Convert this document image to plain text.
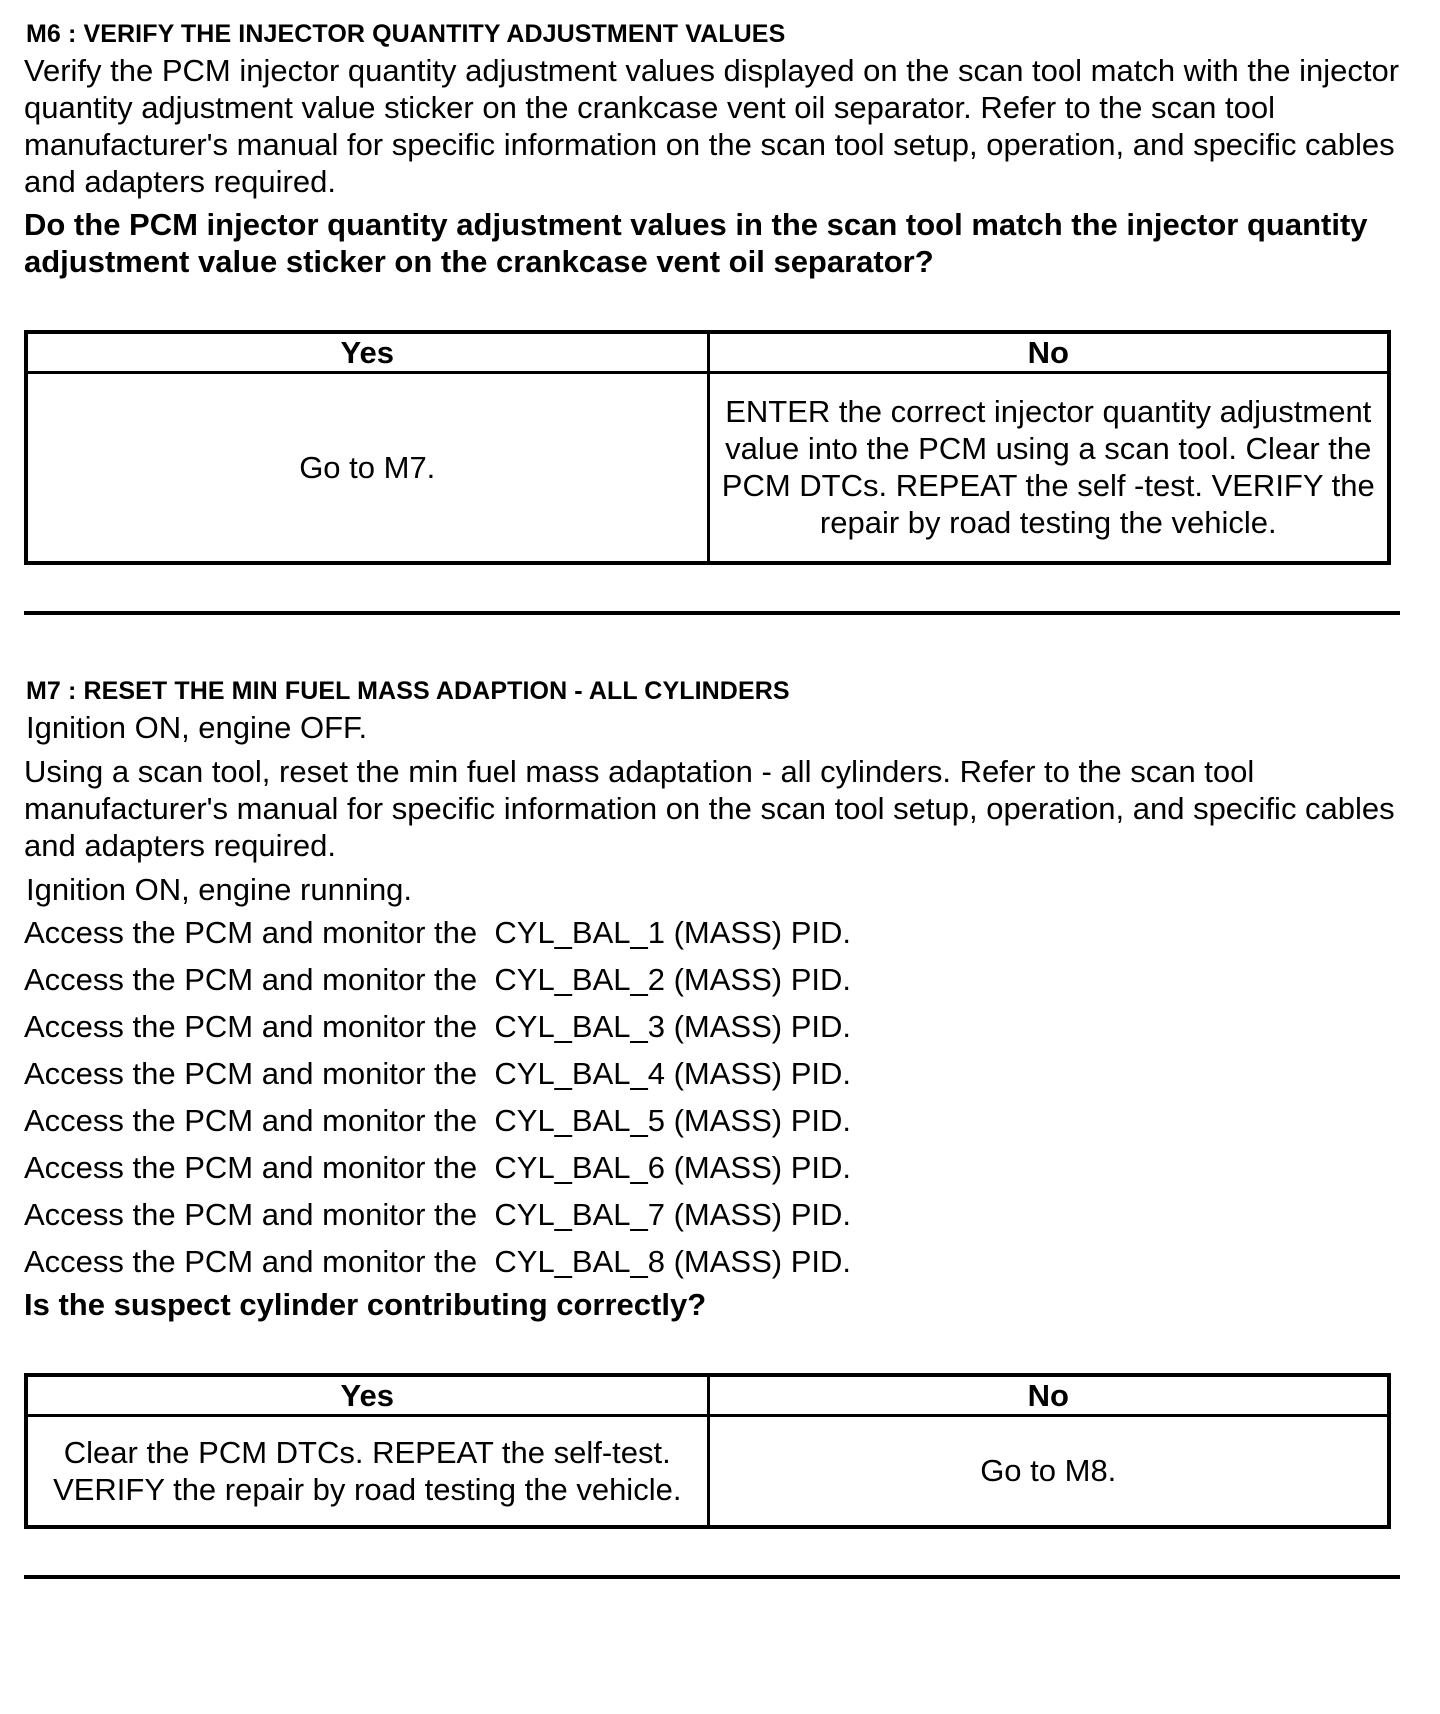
M6 : VERIFY THE INJECTOR QUANTITY ADJUSTMENT VALUES
Verify the PCM injector quantity adjustment values displayed on the scan tool match with the injector quantity adjustment value sticker on the crankcase vent oil separator. Refer to the scan tool manufacturer's manual for specific information on the scan tool setup, operation, and specific cables and adapters required.
Do the PCM injector quantity adjustment values in the scan tool match the injector quantity adjustment value sticker on the crankcase vent oil separator?
Yes	No
Go to M7.	ENTER the correct injector quantity adjustment value into the PCM using a scan tool. Clear the PCM DTCs. REPEAT the self -test. VERIFY the repair by road testing the vehicle.
M7 : RESET THE MIN FUEL MASS ADAPTION - ALL CYLINDERS
Ignition ON, engine OFF.
Using a scan tool, reset the min fuel mass adaptation - all cylinders. Refer to the scan tool manufacturer's manual for specific information on the scan tool setup, operation, and specific cables and adapters required.
Ignition ON, engine running.
Access the PCM and monitor the  CYL_BAL_1 (MASS) PID.
Access the PCM and monitor the  CYL_BAL_2 (MASS) PID.
Access the PCM and monitor the  CYL_BAL_3 (MASS) PID.
Access the PCM and monitor the  CYL_BAL_4 (MASS) PID.
Access the PCM and monitor the  CYL_BAL_5 (MASS) PID.
Access the PCM and monitor the  CYL_BAL_6 (MASS) PID.
Access the PCM and monitor the  CYL_BAL_7 (MASS) PID.
Access the PCM and monitor the  CYL_BAL_8 (MASS) PID.
Is the suspect cylinder contributing correctly?
Yes	No
Clear the PCM DTCs. REPEAT the self-test. VERIFY the repair by road testing the vehicle.	Go to M8.
